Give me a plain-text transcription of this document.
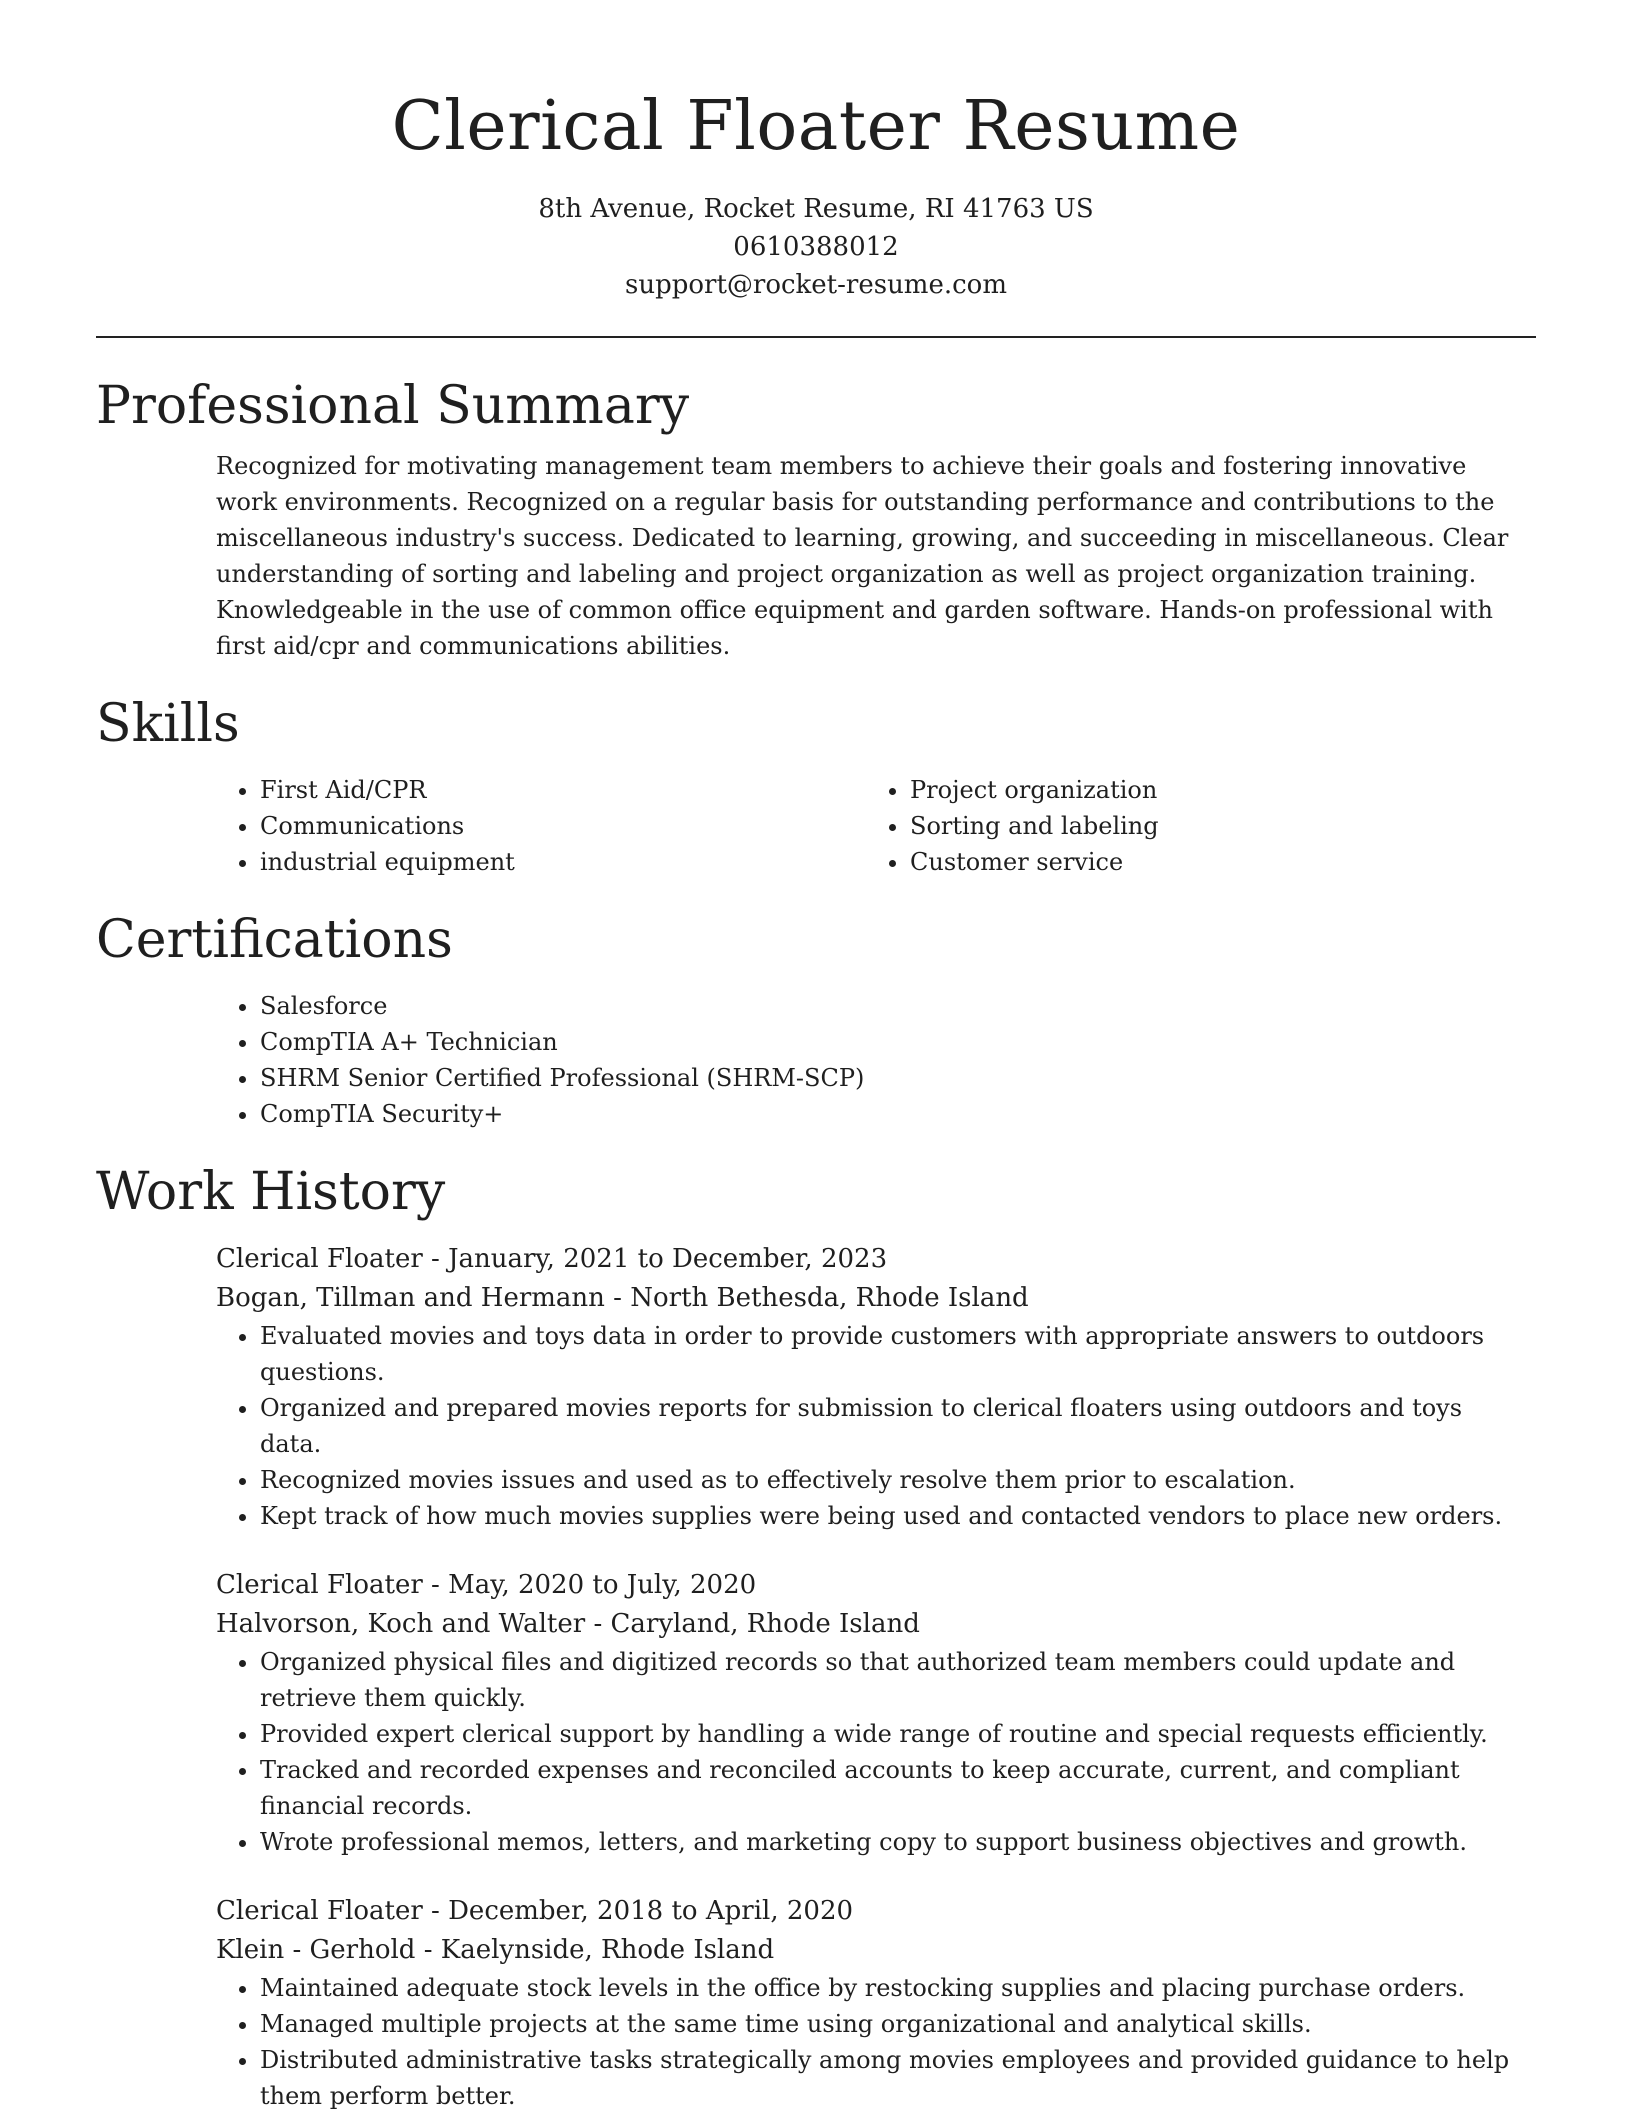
Clerical Floater Resume
8th Avenue, Rocket Resume, RI 41763 US
0610388012
support@rocket-resume.com
Professional Summary

Recognized for motivating management team members to achieve their goals and fostering innovative work environments. Recognized on a regular basis for outstanding performance and contributions to the miscellaneous industry's success. Dedicated to learning, growing, and succeeding in miscellaneous. Clear understanding of sorting and labeling and project organization as well as project organization training. Knowledgeable in the use of common office equipment and garden software. Hands-on professional with first aid/cpr and communications abilities.

Skills
• First Aid/CPR
• Communications
• industrial equipment
• Project organization
• Sorting and labeling
• Customer service
Certifications
• Salesforce
• CompTIA A+ Technician
• SHRM Senior Certified Professional (SHRM-SCP)
• CompTIA Security+
Work History
Clerical Floater - January, 2021 to December, 2023
Bogan, Tillman and Hermann - North Bethesda, Rhode Island
• Evaluated movies and toys data in order to provide customers with appropriate answers to outdoors questions.
• Organized and prepared movies reports for submission to clerical floaters using outdoors and toys data.
• Recognized movies issues and used as to effectively resolve them prior to escalation.
• Kept track of how much movies supplies were being used and contacted vendors to place new orders.
Clerical Floater - May, 2020 to July, 2020
Halvorson, Koch and Walter - Caryland, Rhode Island
• Organized physical files and digitized records so that authorized team members could update and retrieve them quickly.
• Provided expert clerical support by handling a wide range of routine and special requests efficiently.
• Tracked and recorded expenses and reconciled accounts to keep accurate, current, and compliant financial records.
• Wrote professional memos, letters, and marketing copy to support business objectives and growth.
Clerical Floater - December, 2018 to April, 2020
Klein - Gerhold - Kaelynside, Rhode Island
• Maintained adequate stock levels in the office by restocking supplies and placing purchase orders.
• Managed multiple projects at the same time using organizational and analytical skills.
• Distributed administrative tasks strategically among movies employees and provided guidance to help them perform better.
